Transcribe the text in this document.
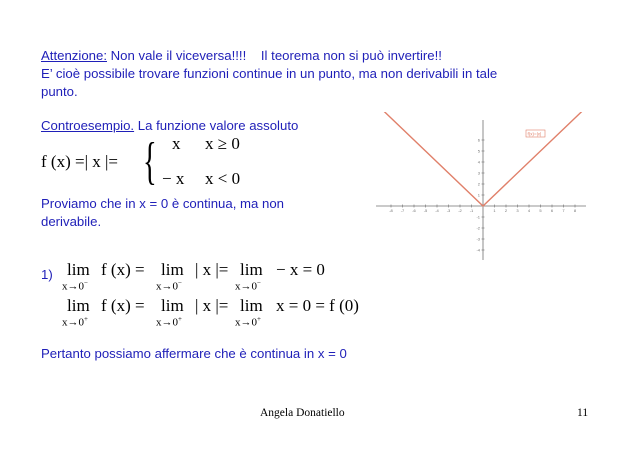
Attenzione: Non vale il viceversa!!!!    Il teorema non si può invertire!!
E’ cioè possibile trovare funzioni continue in un punto, ma non derivabili in tale
punto.
Controesempio. La funzione valore assoluto
f (x) =| x |= { x x ≥ 0
− x x < 0
Proviamo che in x = 0 è continua, ma non
derivabile.
1) lim
x→0−
f (x) = lim
x→0−
| x |= lim
x→0−
− x = 0
lim
x→0+
f (x) = lim
x→0+
| x |= lim
x→0+
x = 0 = f (0)
Pertanto possiamo affermare che è continua in x = 0
Angela Donatiello	11
-8 -7 -6 -5 -4 -3 -2 -1	1 2 3 4 5 6 7 8
6
5
4
3
2
1
-1
-2
-3
-4
f(x)=|x|
